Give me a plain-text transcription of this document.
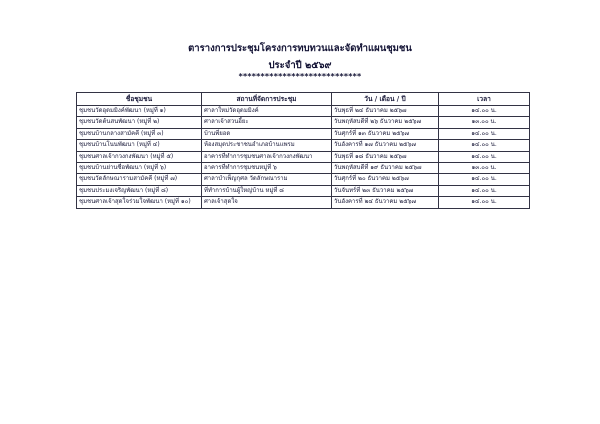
ตารางการประชุมโครงการทบทวนและจัดทำแผนชุมชน
ประจำปี ๒๕๖๙
****************************
ชื่อชุมชน	สถานที่จัดการประชุม	วัน / เดือน / ปี	เวลา
ชุมชนวัดอุดมมิงค์พัฒนา (หมู่ที่ ๑)	ศาลาใหม่วัดอุดมมิงค์	วันพุธที่ ๒๔ ธันวาคม ๒๕๖๗	๑๔.๐๐ น.
ชุมชนวัดต้นสนพัฒนา (หมู่ที่ ๒)	ศาลาเจ้าสวนอี้ยะ	วันพฤหัสบดีที่ ๒๖ ธันวาคม ๒๕๖๗	๑๓.๐๐ น.
ชุมชนบ้านกลางสามัคคี (หมู่ที่ ๓)	บ้านพี่ยอด	วันศุกร์ที่ ๑๓ ธันวาคม ๒๕๖๗	๑๔.๐๐ น.
ชุมชนบ้านโนนพัฒนา (หมู่ที่ ๔)	ห้องสมุดประชาชนอำเภอบ้านแพรม	วันอังคารที่ ๑๗ ธันวาคม ๒๕๖๗	๑๔.๐๐ น.
ชุมชนศาลเจ้ากวงกงพัฒนา (หมู่ที่ ๕)	อาคารที่ทำการชุมชนศาลเจ้ากวงกงพัฒนา	วันพุธที่ ๑๘ ธันวาคม ๒๕๖๗	๑๔.๐๐ น.
ชุมชนบ้านย่านซื่อพัฒนา (หมู่ที่ ๖)	อาคารที่ทำการชุมชนหมู่ที่ ๖	วันพฤหัสบดีที่ ๑๙ ธันวาคม ๒๕๖๗	๑๓.๐๐ น.
ชุมชนวัดลักษณารามสามัคคี (หมู่ที่ ๗)	ศาลาบำเพ็ญกุศล วัดลักษณาราม	วันศุกร์ที่ ๒๐ ธันวาคม ๒๕๖๗	๑๔.๐๐ น.
ชุมชนประมงเจริญพัฒนา (หมู่ที่ ๘)	ที่ทำการบ้านผู้ใหญ่บ้าน หมู่ที่ ๘	วันจันทร์ที่ ๒๓ ธันวาคม ๒๕๖๗	๑๔.๐๐ น.
ชุมชนศาลเจ้าสุดใจร่วมใจพัฒนา (หมู่ที่ ๑๐)	ศาลเจ้าสุดใจ	วันอังคารที่ ๒๔ ธันวาคม ๒๕๖๗	๑๔.๐๐ น.
